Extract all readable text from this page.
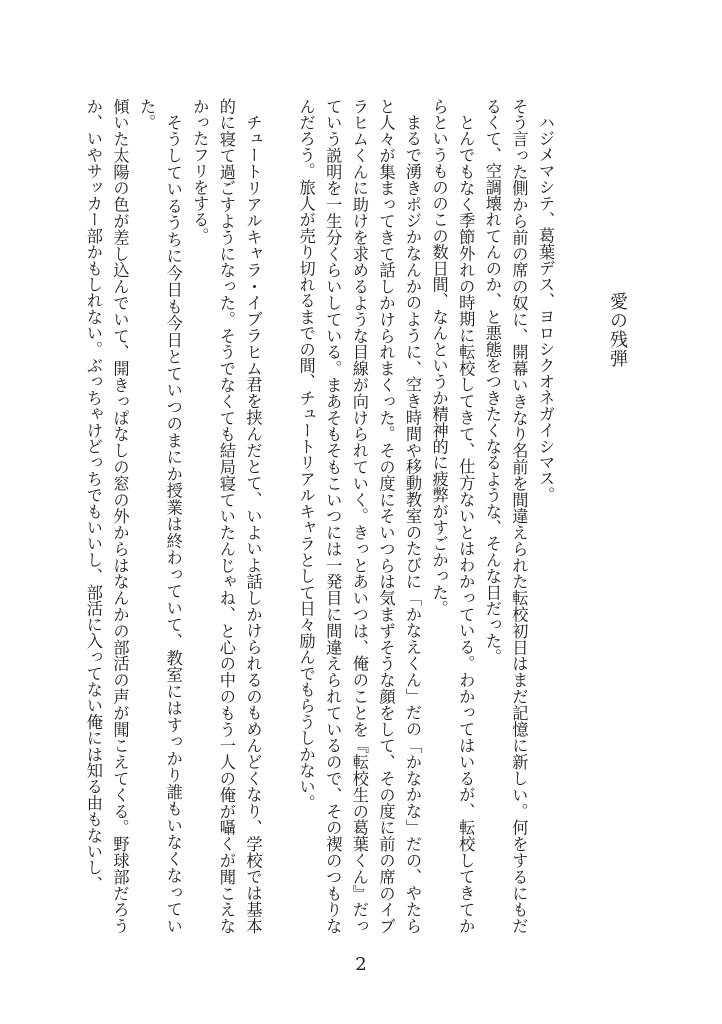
愛の残弾

ハジメマシテ、葛葉デス、ヨロシクオネガイシマス。

そう言った側から前の席の奴に、開幕いきなり名前を間違えられた転校初日はまだ記憶に新しい。何をするにもだるくて、空調壊れてんのか、と悪態をつきたくなるような、そんな日だった。

とんでもなく季節外れの時期に転校してきて、仕方ないとはわかっている。わかってはいるが、転校してきてからというもののこの数日間、なんというか精神的に疲弊がすごかった。

まるで湧きポジかなんかのように、空き時間や移動教室のたびに「かなえくん」だの「かなかな」だの、やたらと人々が集まってきて話しかけられまくった。その度にそいつらは気まずそうな顔をして、その度に前の席のイブラヒムくんに助けを求めるような目線が向けられていく。きっとあいつは、俺のことを『転校生の葛葉くん』だっていう説明を一生分くらいしている。まあそもそもこいつには一発目に間違えられているので、その禊のつもりなんだろう。旅人が売り切れるまでの間、チュートリアルキャラとして日々励んでもらうしかない。

チュートリアルキャラ・イブラヒム君を挟んだとて、いよいよ話しかけられるのもめんどくなり、学校では基本的に寝て過ごすようになった。そうでなくても結局寝ていたんじゃね、と心の中のもう一人の俺が囁くが聞こえなかったフリをする。

そうしているうちに今日も今日とていつのまにか授業は終わっていて、教室にはすっかり誰もいなくなっていた。

傾いた太陽の色が差し込んでいて、開きっぱなしの窓の外からはなんかの部活の声が聞こえてくる。野球部だろうか、いやサッカー部かもしれない。ぶっちゃけどっちでもいいし、部活に入ってない俺には知る由もないし、

2
